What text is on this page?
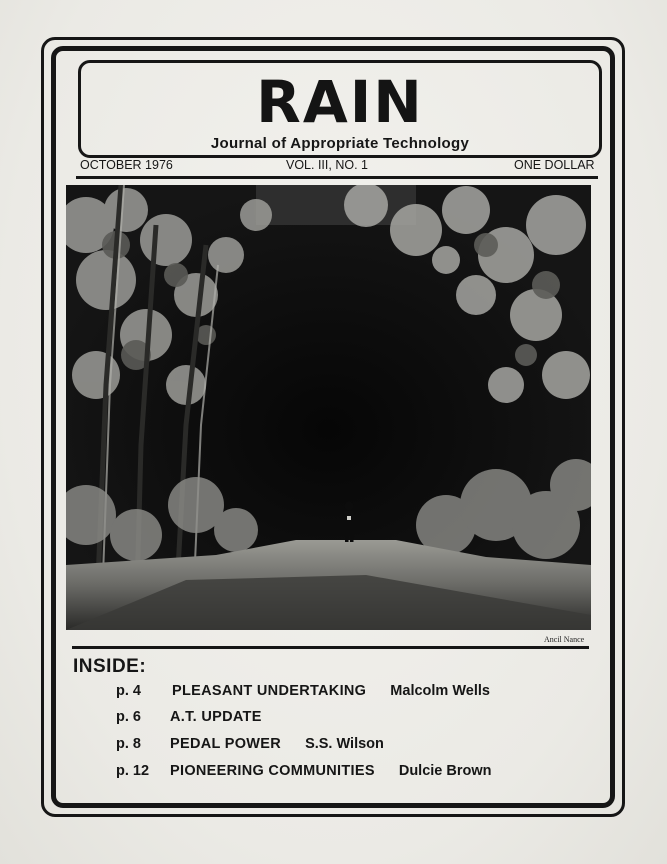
RAIN
Journal of Appropriate Technology
OCTOBER 1976	VOL. III, NO. 1	ONE DOLLAR
Ancil Nance
INSIDE:
p. 4 PLEASANT UNDERTAKING Malcolm Wells
p. 6 A.T. UPDATE
p. 8 PEDAL POWER S.S. Wilson
p. 12 PIONEERING COMMUNITIES Dulcie Brown
